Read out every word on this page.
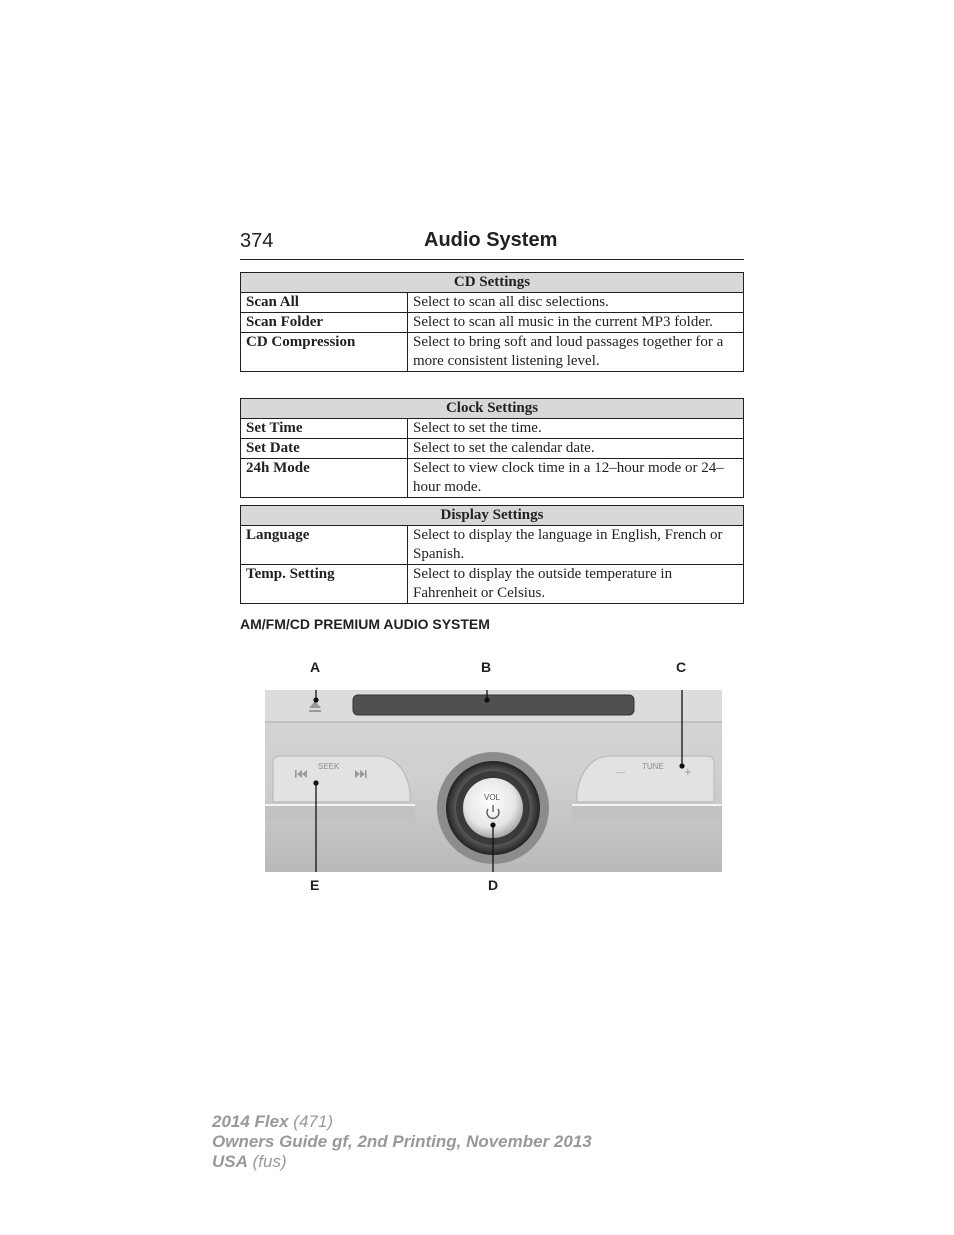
374	Audio System
CD Settings	
Scan All	Select to scan all disc selections.
Scan Folder	Select to scan all music in the current MP3 folder.
CD Compression	Select to bring soft and loud passages together for a more consistent listening level.
Clock Settings	
Set Time	Select to set the time.
Set Date	Select to set the calendar date.
24h Mode	Select to view clock time in a 12–hour mode or 24–hour mode.
Display Settings	
Language	Select to display the language in English, French or Spanish.
Temp. Setting	Select to display the outside temperature in Fahrenheit or Celsius.
AM/FM/CD PREMIUM AUDIO SYSTEM
A	B	C
E	D
SEEK	TUNE
—	+
VOL
2014 Flex (471)
Owners Guide gf, 2nd Printing, November 2013
USA (fus)
